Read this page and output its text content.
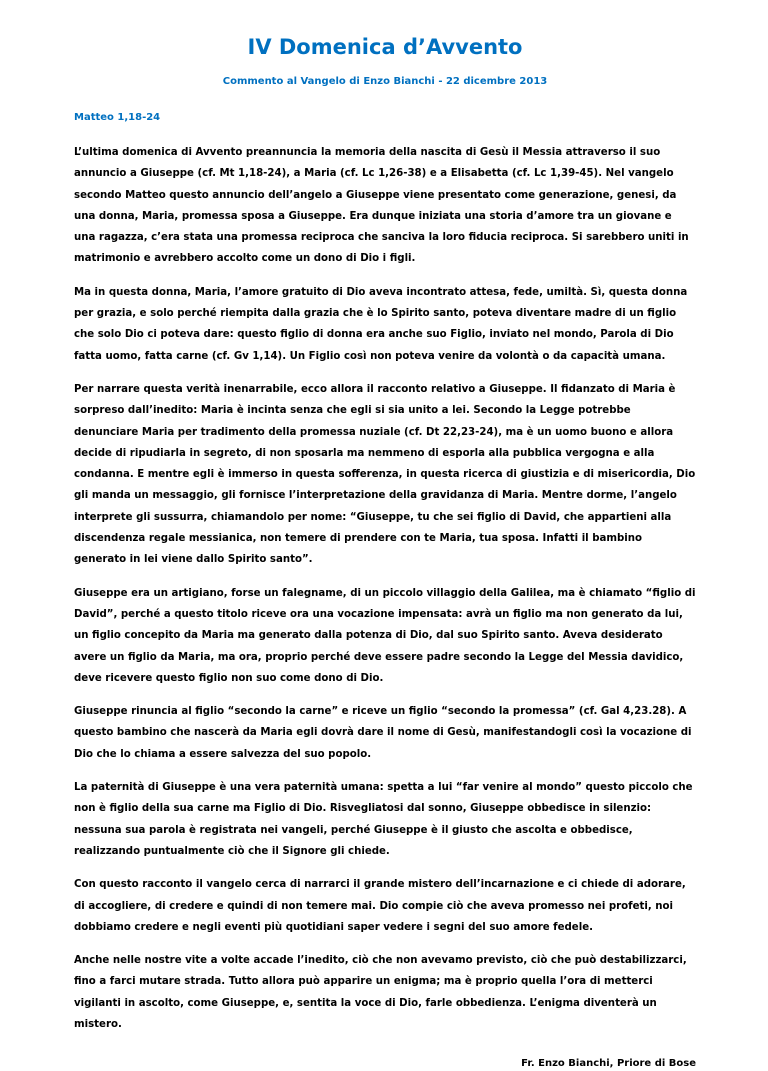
IV Domenica d’Avvento

Commento al Vangelo di Enzo Bianchi - 22 dicembre 2013

Matteo 1,18-24

L’ultima domenica di Avvento preannuncia la memoria della nascita di Gesù il Messia attraverso il suo annuncio a Giuseppe (cf. Mt 1,18-24), a Maria (cf. Lc 1,26-38) e a Elisabetta (cf. Lc 1,39-45). Nel vangelo secondo Matteo questo annuncio dell’angelo a Giuseppe viene presentato come generazione, genesi, da una donna, Maria, promessa sposa a Giuseppe. Era dunque iniziata una storia d’amore tra un giovane e una ragazza, c’era stata una promessa reciproca che sanciva la loro fiducia reciproca. Si sarebbero uniti in matrimonio e avrebbero accolto come un dono di Dio i figli.

Ma in questa donna, Maria, l’amore gratuito di Dio aveva incontrato attesa, fede, umiltà. Sì, questa donna per grazia, e solo perché riempita dalla grazia che è lo Spirito santo, poteva diventare madre di un figlio che solo Dio ci poteva dare: questo figlio di donna era anche suo Figlio, inviato nel mondo, Parola di Dio fatta uomo, fatta carne (cf. Gv 1,14). Un Figlio così non poteva venire da volontà o da capacità umana.

Per narrare questa verità inenarrabile, ecco allora il racconto relativo a Giuseppe. Il fidanzato di Maria è sorpreso dall’inedito: Maria è incinta senza che egli si sia unito a lei. Secondo la Legge potrebbe denunciare Maria per tradimento della promessa nuziale (cf. Dt 22,23-24), ma è un uomo buono e allora decide di ripudiarla in segreto, di non sposarla ma nemmeno di esporla alla pubblica vergogna e alla condanna. E mentre egli è immerso in questa sofferenza, in questa ricerca di giustizia e di misericordia, Dio gli manda un messaggio, gli fornisce l’interpretazione della gravidanza di Maria. Mentre dorme, l’angelo interprete gli sussurra, chiamandolo per nome: “Giuseppe, tu che sei figlio di David, che appartieni alla discendenza regale messianica, non temere di prendere con te Maria, tua sposa. Infatti il bambino generato in lei viene dallo Spirito santo”.

Giuseppe era un artigiano, forse un falegname, di un piccolo villaggio della Galilea, ma è chiamato “figlio di David”, perché a questo titolo riceve ora una vocazione impensata: avrà un figlio ma non generato da lui, un figlio concepito da Maria ma generato dalla potenza di Dio, dal suo Spirito santo. Aveva desiderato avere un figlio da Maria, ma ora, proprio perché deve essere padre secondo la Legge del Messia davidico, deve ricevere questo figlio non suo come dono di Dio.

Giuseppe rinuncia al figlio “secondo la carne” e riceve un figlio “secondo la promessa” (cf. Gal 4,23.28). A questo bambino che nascerà da Maria egli dovrà dare il nome di Gesù, manifestandogli così la vocazione di Dio che lo chiama a essere salvezza del suo popolo.

La paternità di Giuseppe è una vera paternità umana: spetta a lui “far venire al mondo” questo piccolo che non è figlio della sua carne ma Figlio di Dio. Risvegliatosi dal sonno, Giuseppe obbedisce in silenzio: nessuna sua parola è registrata nei vangeli, perché Giuseppe è il giusto che ascolta e obbedisce, realizzando puntualmente ciò che il Signore gli chiede.

Con questo racconto il vangelo cerca di narrarci il grande mistero dell’incarnazione e ci chiede di adorare, di accogliere, di credere e quindi di non temere mai. Dio compie ciò che aveva promesso nei profeti, noi dobbiamo credere e negli eventi più quotidiani saper vedere i segni del suo amore fedele.

Anche nelle nostre vite a volte accade l’inedito, ciò che non avevamo previsto, ciò che può destabilizzarci, fino a farci mutare strada. Tutto allora può apparire un enigma; ma è proprio quella l’ora di metterci vigilanti in ascolto, come Giuseppe, e, sentita la voce di Dio, farle obbedienza. L’enigma diventerà un mistero.

Fr. Enzo Bianchi, Priore di Bose
